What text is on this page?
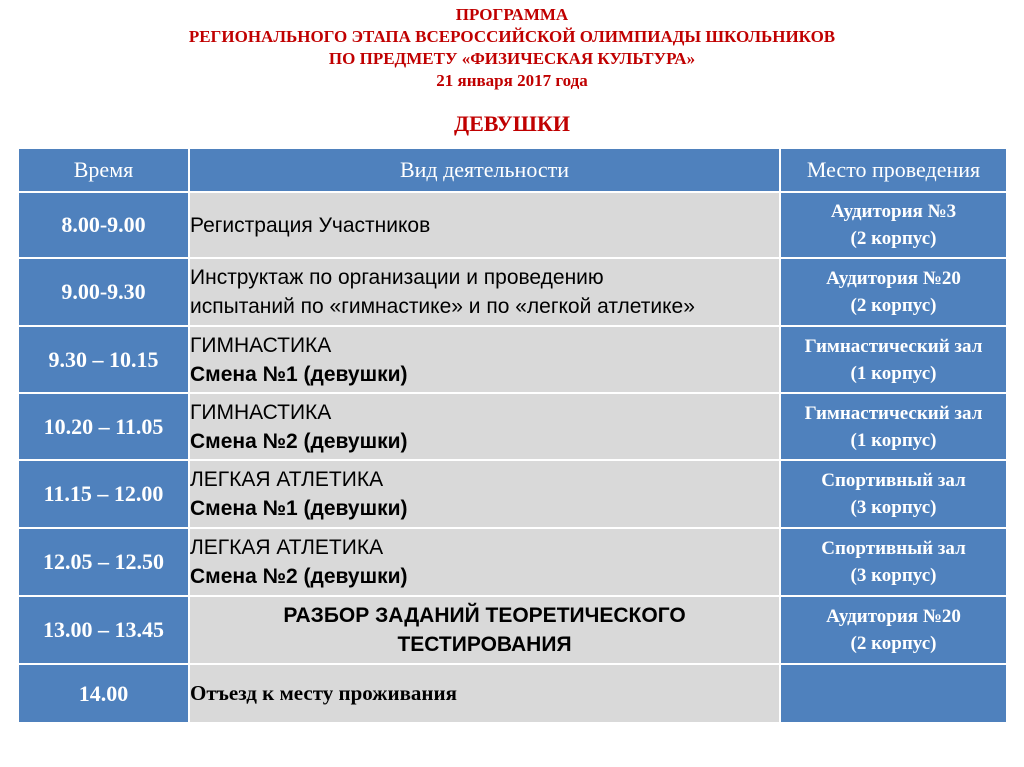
ПРОГРАММА
РЕГИОНАЛЬНОГО ЭТАПА ВСЕРОССИЙСКОЙ ОЛИМПИАДЫ ШКОЛЬНИКОВ
ПО ПРЕДМЕТУ «ФИЗИЧЕСКАЯ КУЛЬТУРА»
21 января 2017 года
ДЕВУШКИ
Время	Вид деятельности	Место проведения
8.00-9.00	Регистрация Участников	Аудитория №3
(2 корпус)

9.00-9.30	Инструктаж по организации и проведению
испытаний по «гимнастике» и по «легкой атлетике»	Аудитория №20
(2 корпус)

9.30 – 10.15	ГИМНАСТИКА
Смена №1 (девушки)	Гимнастический зал
(1 корпус)

10.20 – 11.05	ГИМНАСТИКА
Смена №2 (девушки)	Гимнастический зал
(1 корпус)

11.15 – 12.00	ЛЕГКАЯ АТЛЕТИКА
Смена №1 (девушки)	Спортивный зал
(3 корпус)

12.05 – 12.50	ЛЕГКАЯ АТЛЕТИКА
Смена №2 (девушки)	Спортивный зал
(3 корпус)

13.00 – 13.45	РАЗБОР ЗАДАНИЙ ТЕОРЕТИЧЕСКОГО
ТЕСТИРОВАНИЯ	Аудитория №20
(2 корпус)

14.00	Отъезд к месту проживания	
